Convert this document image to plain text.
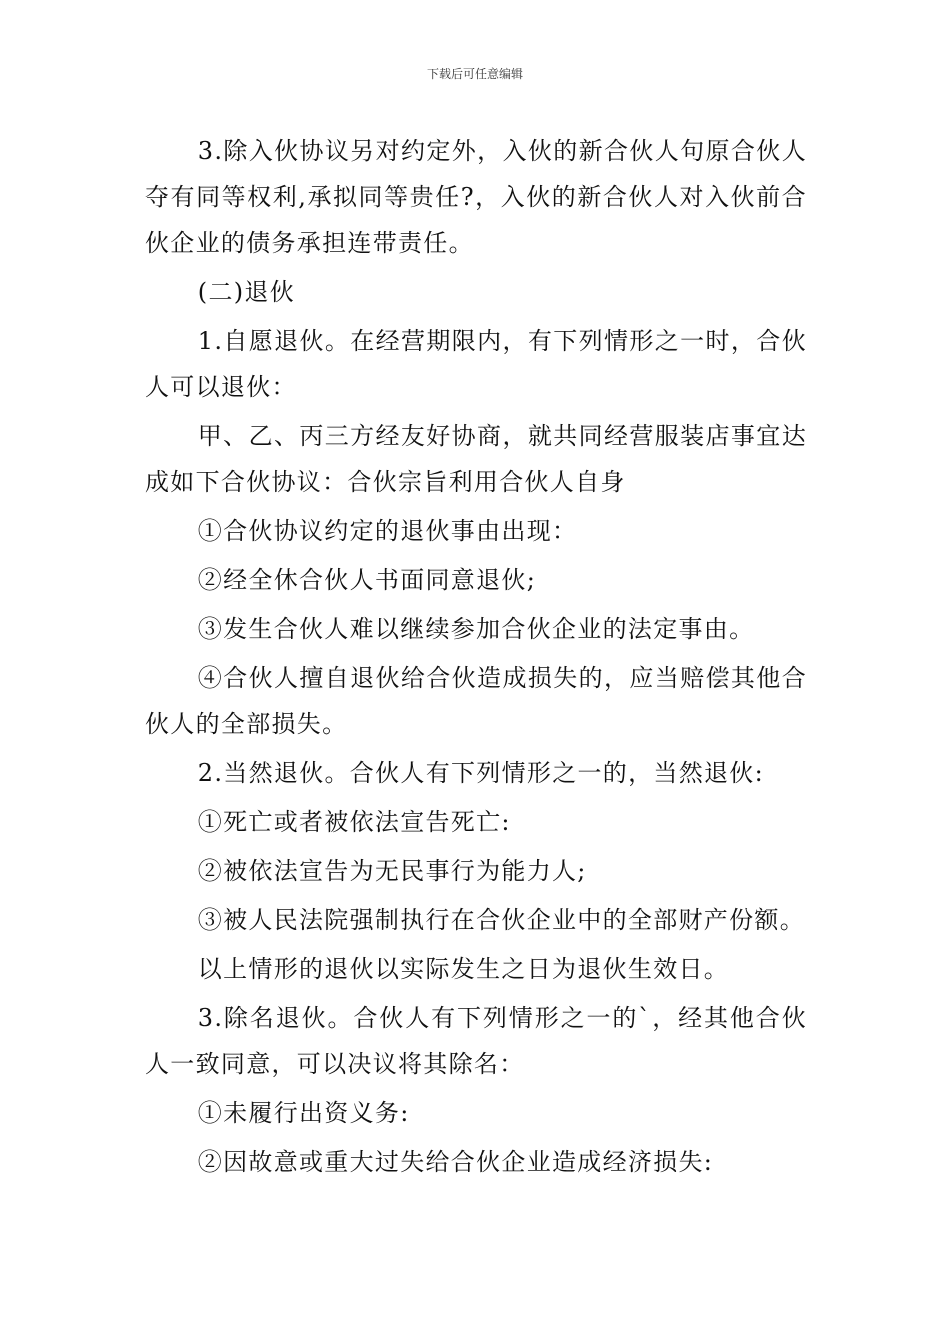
下载后可任意编辑

3.除入伙协议另对约定外，入伙的新合伙人句原合伙人夺有同等权利,承拟同等贵任?，入伙的新合伙人对入伙前合伙企业的债务承担连带责任。

(二)退伙

1.自愿退伙。在经营期限内，有下列情形之一时，合伙人可以退伙：

甲、乙、丙三方经友好协商，就共同经营服装店事宜达成如下合伙协议：合伙宗旨利用合伙人自身

①合伙协议约定的退伙事由出现：

②经全休合伙人书面同意退伙;

③发生合伙人难以继续参加合伙企业的法定事由。

④合伙人擅自退伙给合伙造成损失的，应当赔偿其他合伙人的全部损失。

2.当然退伙。合伙人有下列情形之一的，当然退伙:

①死亡或者被依法宣告死亡:

②被依法宣告为无民事行为能力人;

③被人民法院强制执行在合伙企业中的全部财产份额。

以上情形的退伙以实际发生之日为退伙生效日。

3.除名退伙。合伙人有下列情形之一的`，经其他合伙人一致同意，可以决议将其除名：

①未履行出资义务:

②因故意或重大过失给合伙企业造成经济损失:
